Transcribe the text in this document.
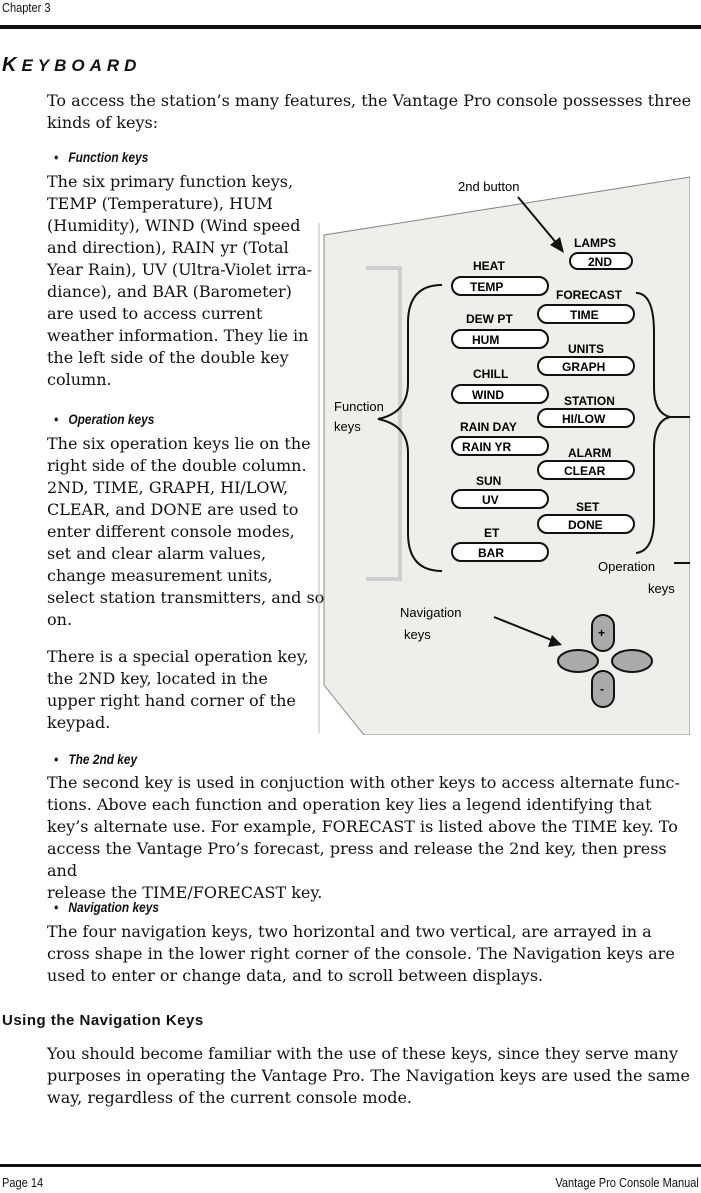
Chapter 3
KEYBOARD
To access the station’s many features, the Vantage Pro console possesses three
kinds of keys:
• Function keys
The six primary function keys,
TEMP (Temperature), HUM
(Humidity), WIND (Wind speed
and direction), RAIN yr (Total
Year Rain), UV (Ultra-Violet irra-
diance), and BAR (Barometer)
are used to access current
weather information. They lie in
the left side of the double key
column.
• Operation keys
The six operation keys lie on the
right side of the double column.
2ND, TIME, GRAPH, HI/LOW,
CLEAR, and DONE are used to
enter different console modes,
set and clear alarm values,
change measurement units,
select station transmitters, and so
on.
There is a special operation key,
the 2ND key, located in the
upper right hand corner of the
keypad.
• The 2nd key
The second key is used in conjuction with other keys to access alternate func-
tions. Above each function and operation key lies a legend identifying that
key’s alternate use. For example, FORECAST is listed above the TIME key. To
access the Vantage Pro’s forecast, press and release the 2nd key, then press and
release the TIME/FORECAST key.
• Navigation keys
The four navigation keys, two horizontal and two vertical, are arrayed in a
cross shape in the lower right corner of the console. The Navigation keys are
used to enter or change data, and to scroll between displays.
Using the Navigation Keys
You should become familiar with the use of these keys, since they serve many
purposes in operating the Vantage Pro. The Navigation keys are used the same
way, regardless of the current console mode.
2nd button
HEAT
TEMP
DEW PT
HUM
CHILL
WIND
RAIN DAY
RAIN YR
SUN
UV
ET
BAR
LAMPS
2ND
FORECAST
TIME
UNITS
GRAPH
STATION
HI/LOW
ALARM
CLEAR
SET
DONE
Function
keys
Operation
keys
Navigation
keys	+
-
Page 14	Vantage Pro Console Manual
